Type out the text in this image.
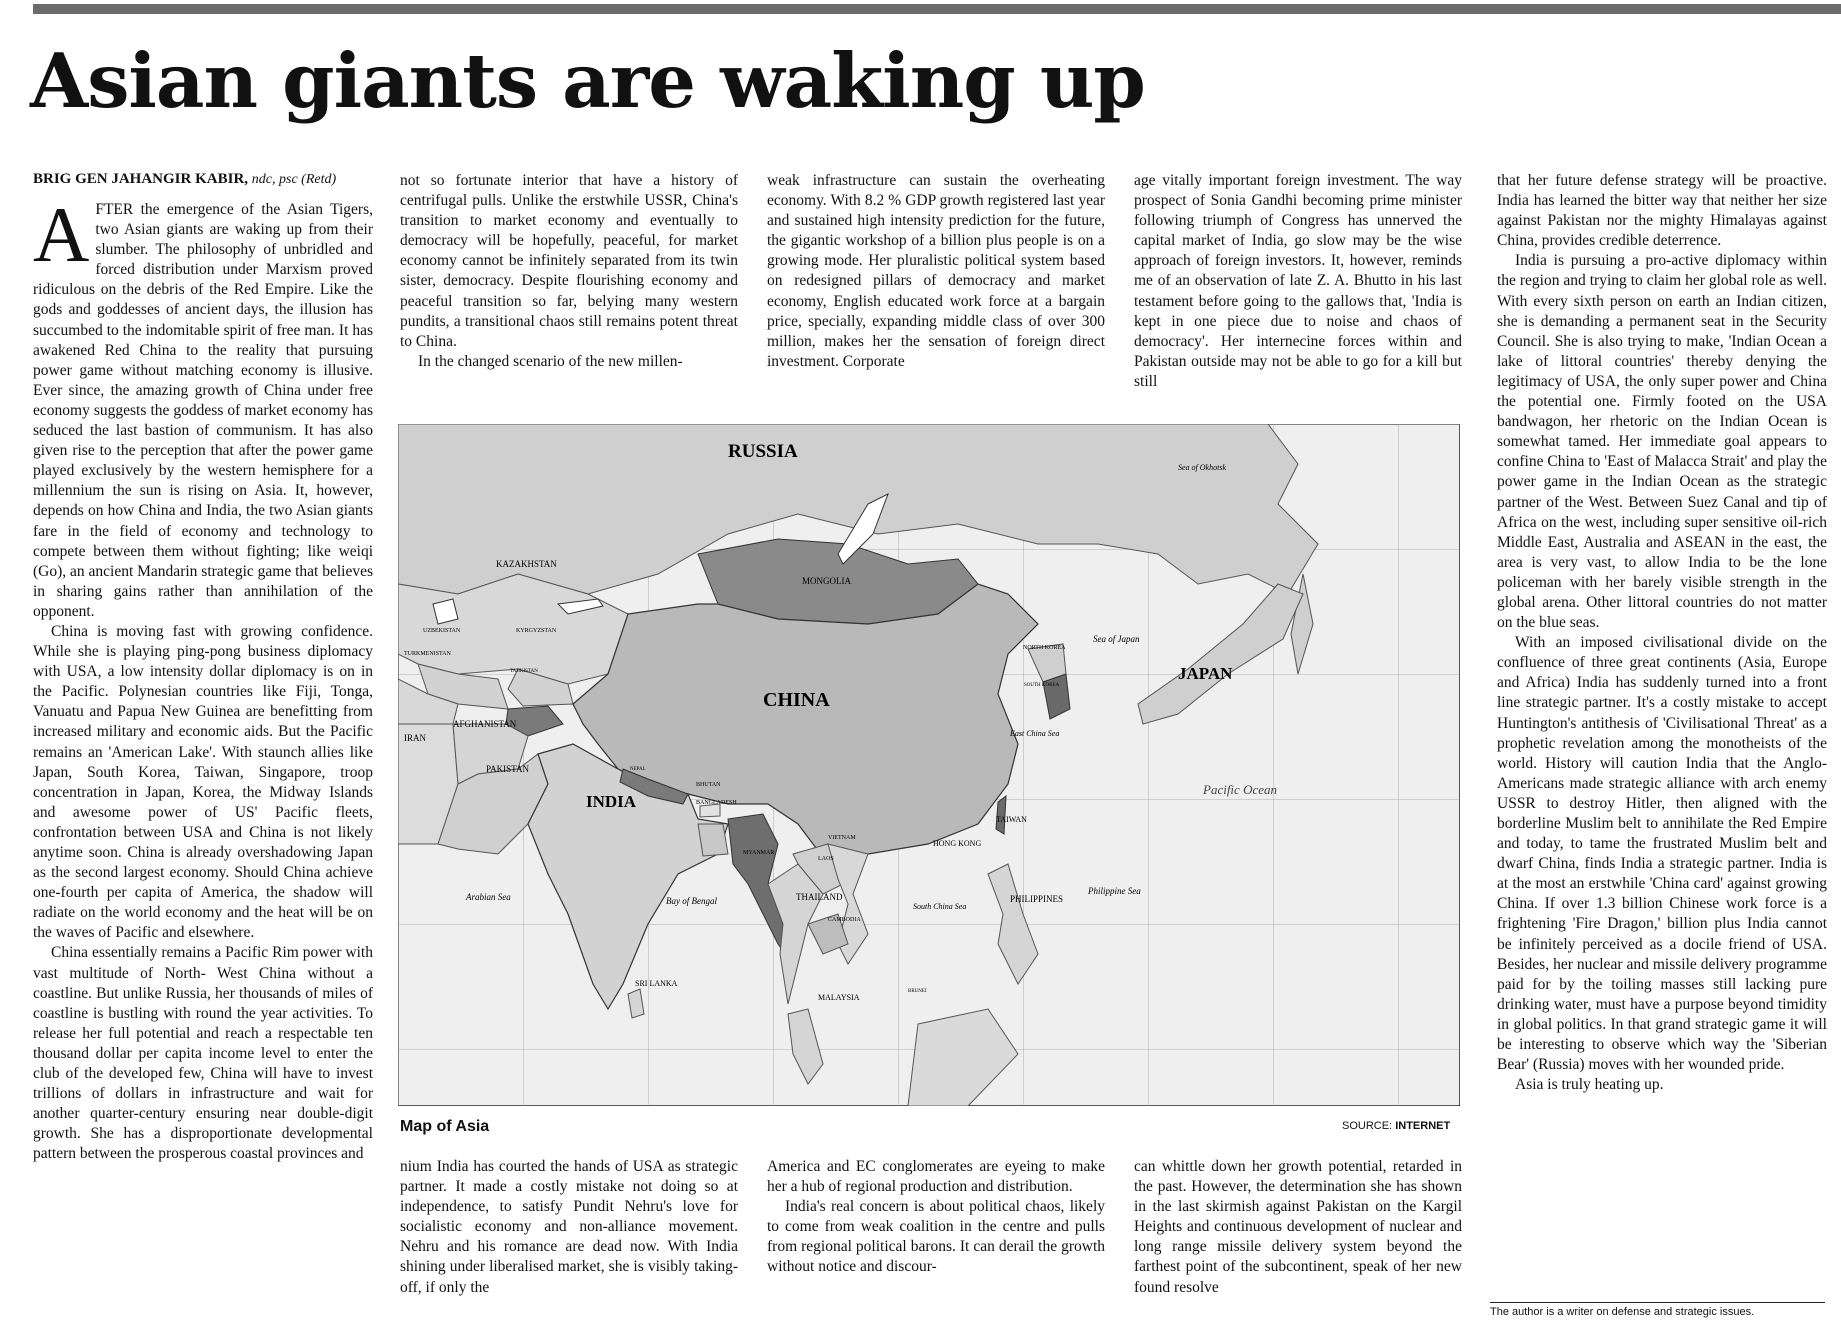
Asian giants are waking up
BRIG GEN JAHANGIR KABIR, ndc, psc (Retd)
A FTER the emergence of the Asian Tigers, two Asian giants are waking up from their slumber. The philosophy of unbridled and forced distribution under Marxism proved ridiculous on the debris of the Red Empire. Like the gods and goddesses of ancient days, the illusion has succumbed to the indomitable spirit of free man. It has awakened Red China to the reality that pursuing power game without matching economy is illusive. Ever since, the amazing growth of China under free economy suggests the goddess of market economy has seduced the last bastion of communism. It has also given rise to the perception that after the power game played exclusively by the western hemisphere for a millennium the sun is rising on Asia. It, however, depends on how China and India, the two Asian giants fare in the field of economy and technology to compete between them without fighting; like weiqi (Go), an ancient Mandarin strategic game that believes in sharing gains rather than annihilation of the opponent.

China is moving fast with growing confidence. While she is playing ping-pong business diplomacy with USA, a low intensity dollar diplomacy is on in the Pacific. Polynesian countries like Fiji, Tonga, Vanuatu and Papua New Guinea are benefitting from increased military and economic aids. But the Pacific remains an 'American Lake'. With staunch allies like Japan, South Korea, Taiwan, Singapore, troop concentration in Japan, Korea, the Midway Islands and awesome power of US' Pacific fleets, confrontation between USA and China is not likely anytime soon. China is already overshadowing Japan as the second largest economy. Should China achieve one-fourth per capita of America, the shadow will radiate on the world economy and the heat will be on the waves of Pacific and elsewhere.

China essentially remains a Pacific Rim power with vast multitude of North- West China without a coastline. But unlike Russia, her thousands of miles of coastline is bustling with round the year activities. To release her full potential and reach a respectable ten thousand dollar per capita income level to enter the club of the developed few, China will have to invest trillions of dollars in infrastructure and wait for another quarter-century ensuring near double-digit growth. She has a disproportionate developmental pattern between the prosperous coastal provinces and

not so fortunate interior that have a history of centrifugal pulls. Unlike the erstwhile USSR, China's transition to market economy and eventually to democracy will be hopefully, peaceful, for market economy cannot be infinitely separated from its twin sister, democracy. Despite flourishing economy and peaceful transition so far, belying many western pundits, a transitional chaos still remains potent threat to China.

In the changed scenario of the new millen-

weak infrastructure can sustain the overheating economy. With 8.2 % GDP growth registered last year and sustained high intensity prediction for the future, the gigantic workshop of a billion plus people is on a growing mode. Her pluralistic political system based on redesigned pillars of democracy and market economy, English educated work force at a bargain price, specially, expanding middle class of over 300 million, makes her the sensation of foreign direct investment. Corporate

age vitally important foreign investment. The way prospect of Sonia Gandhi becoming prime minister following triumph of Congress has unnerved the capital market of India, go slow may be the wise approach of foreign investors. It, however, reminds me of an observation of late Z. A. Bhutto in his last testament before going to the gallows that, 'India is kept in one piece due to noise and chaos of democracy'. Her internecine forces within and Pakistan outside may not be able to go for a kill but still

that her future defense strategy will be proactive. India has learned the bitter way that neither her size against Pakistan nor the mighty Himalayas against China, provides credible deterrence.

India is pursuing a pro-active diplomacy within the region and trying to claim her global role as well. With every sixth person on earth an Indian citizen, she is demanding a permanent seat in the Security Council. She is also trying to make, 'Indian Ocean a lake of littoral countries' thereby denying the legitimacy of USA, the only super power and China the potential one. Firmly footed on the USA bandwagon, her rhetoric on the Indian Ocean is somewhat tamed. Her immediate goal appears to confine China to 'East of Malacca Strait' and play the power game in the Indian Ocean as the strategic partner of the West. Between Suez Canal and tip of Africa on the west, including super sensitive oil-rich Middle East, Australia and ASEAN in the east, the area is very vast, to allow India to be the lone policeman with her barely visible strength in the global arena. Other littoral countries do not matter on the blue seas.

With an imposed civilisational divide on the confluence of three great continents (Asia, Europe and Africa) India has suddenly turned into a front line strategic partner. It's a costly mistake to accept Huntington's antithesis of 'Civilisational Threat' as a prophetic revelation among the monotheists of the world. History will caution India that the Anglo-Americans made strategic alliance with arch enemy USSR to destroy Hitler, then aligned with the borderline Muslim belt to annihilate the Red Empire and today, to tame the frustrated Muslim belt and dwarf China, finds India a strategic partner. India is at the most an erstwhile 'China card' against growing China. If over 1.3 billion Chinese work force is a frightening 'Fire Dragon,' billion plus India cannot be infinitely perceived as a docile friend of USA. Besides, her nuclear and missile delivery programme paid for by the toiling masses still lacking pure drinking water, must have a purpose beyond timidity in global politics. In that grand strategic game it will be interesting to observe which way the 'Siberian Bear' (Russia) moves with her wounded pride.

Asia is truly heating up.

RUSSIA
CHINA
INDIA
JAPAN
MONGOLIA
KAZAKHSTAN
UZBEKISTAN	KYRGYZSTAN
TURKMENISTAN
TAJIKISTAN
AFGHANISTAN
IRAN
PAKISTAN	NEPAL
BHUTAN
BANGLADESH
MYANMAR
VIETNAM
LAOS
THAILAND
CAMBODIA
SRI LANKA
MALAYSIA
BRUNEI
PHILIPPINES
TAIWAN
HONG KONG
NORTH KOREA
SOUTH KOREA
Sea of Okhotsk
Sea of Japan
East China Sea
South China Sea
Pacific Ocean
Philippine Sea
Arabian Sea	Bay of Bengal
Map of Asia	SOURCE: INTERNET

nium India has courted the hands of USA as strategic partner. It made a costly mistake not doing so at independence, to satisfy Pundit Nehru's love for socialistic economy and non-alliance movement. Nehru and his romance are dead now. With India shining under liberalised market, she is visibly taking-off, if only the

America and EC conglomerates are eyeing to make her a hub of regional production and distribution.

India's real concern is about political chaos, likely to come from weak coalition in the centre and pulls from regional political barons. It can derail the growth without notice and discour-

can whittle down her growth potential, retarded in the past. However, the determination she has shown in the last skirmish against Pakistan on the Kargil Heights and continuous development of nuclear and long range missile delivery system beyond the farthest point of the subcontinent, speak of her new found resolve

The author is a writer on defense and strategic issues.
